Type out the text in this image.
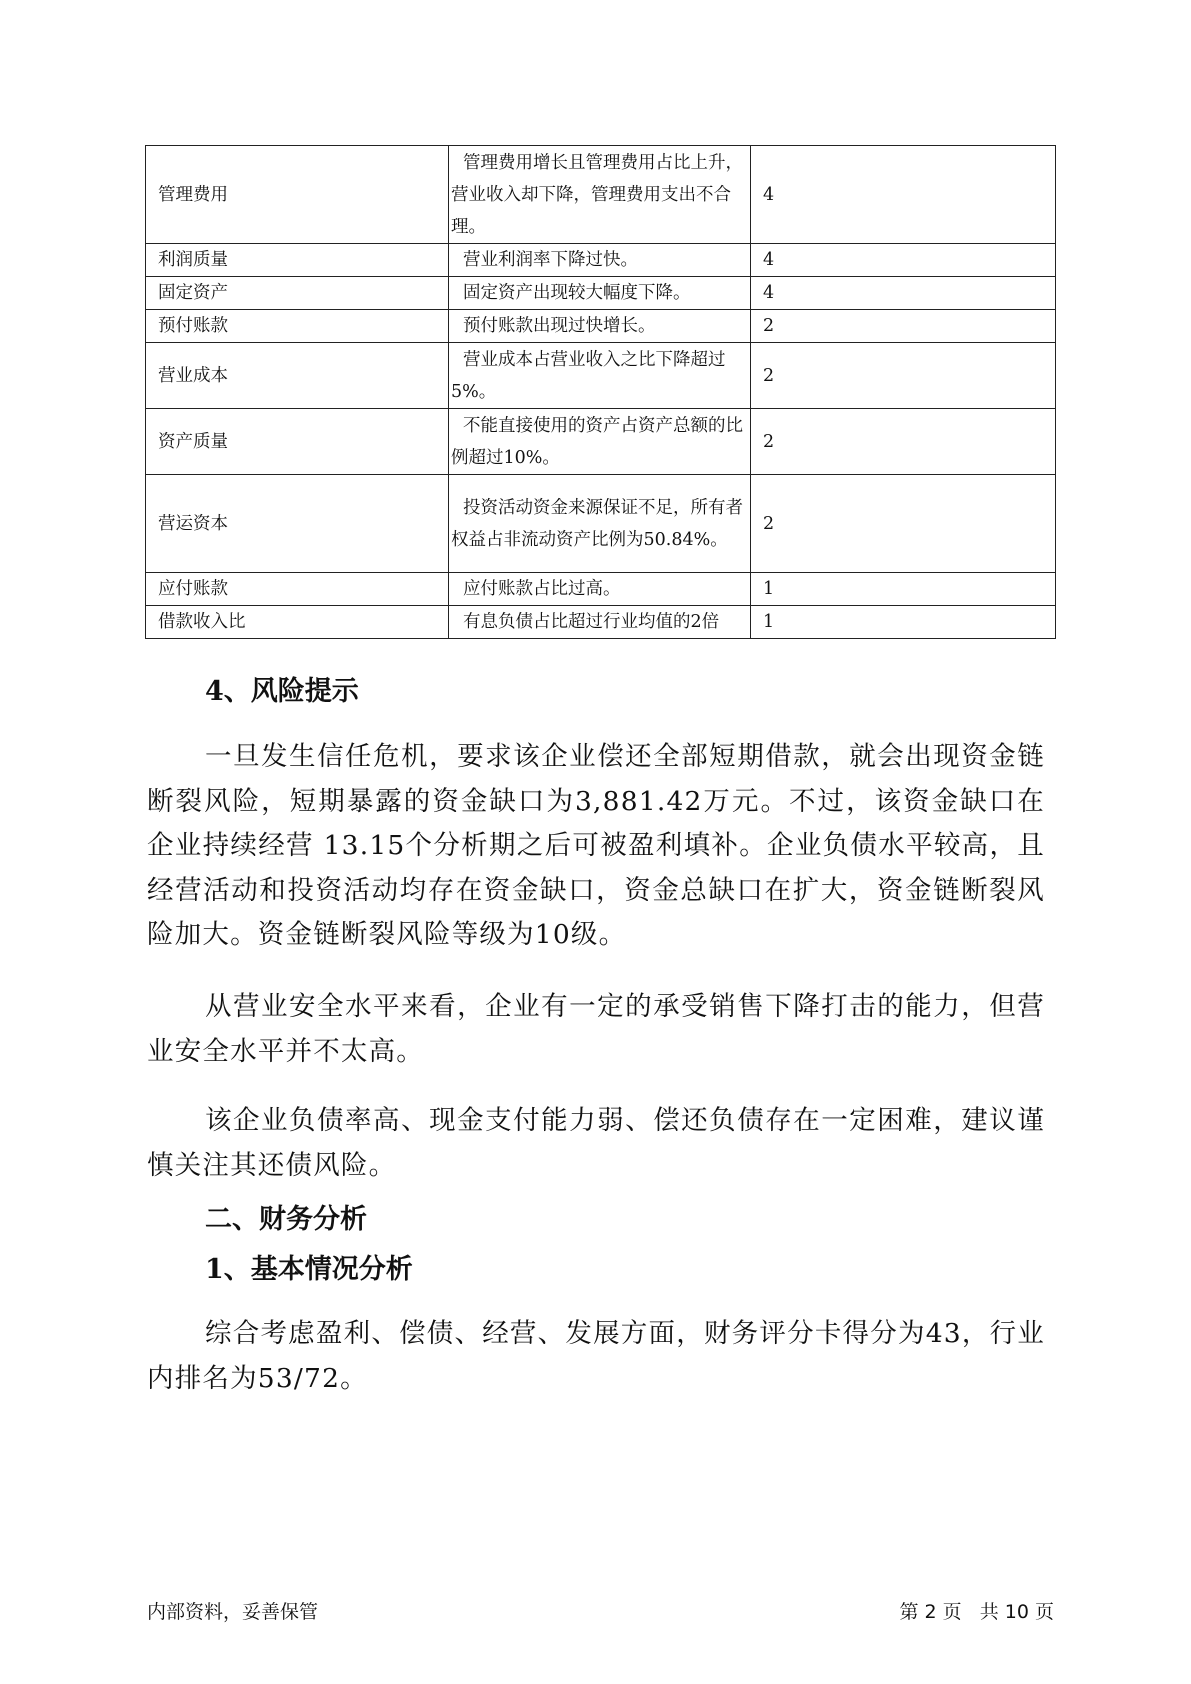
管理费用	管理费用增长且管理费用占比上升，营业收入却下降，管理费用支出不合理。	4
利润质量	营业利润率下降过快。	4
固定资产	固定资产出现较大幅度下降。	4
预付账款	预付账款出现过快增长。	2
营业成本	营业成本占营业收入之比下降超过5%。	2
资产质量	不能直接使用的资产占资产总额的比例超过10%。	2
营运资本	投资活动资金来源保证不足，所有者权益占非流动资产比例为50.84%。	2
应付账款	应付账款占比过高。	1
借款收入比	有息负债占比超过行业均值的2倍	1
4、风险提示

一旦发生信任危机，要求该企业偿还全部短期借款，就会出现资金链断裂风险，短期暴露的资金缺口为3,881.42万元。不过，该资金缺口在企业持续经营 13.15个分析期之后可被盈利填补。企业负债水平较高，且经营活动和投资活动均存在资金缺口，资金总缺口在扩大，资金链断裂风险加大。资金链断裂风险等级为10级。

从营业安全水平来看，企业有一定的承受销售下降打击的能力，但营业安全水平并不太高。

该企业负债率高、现金支付能力弱、偿还负债存在一定困难，建议谨慎关注其还债风险。

二、财务分析
1、基本情况分析

综合考虑盈利、偿债、经营、发展方面，财务评分卡得分为43，行业内排名为53/72。

内部资料，妥善保管	第 2 页   共 10 页
